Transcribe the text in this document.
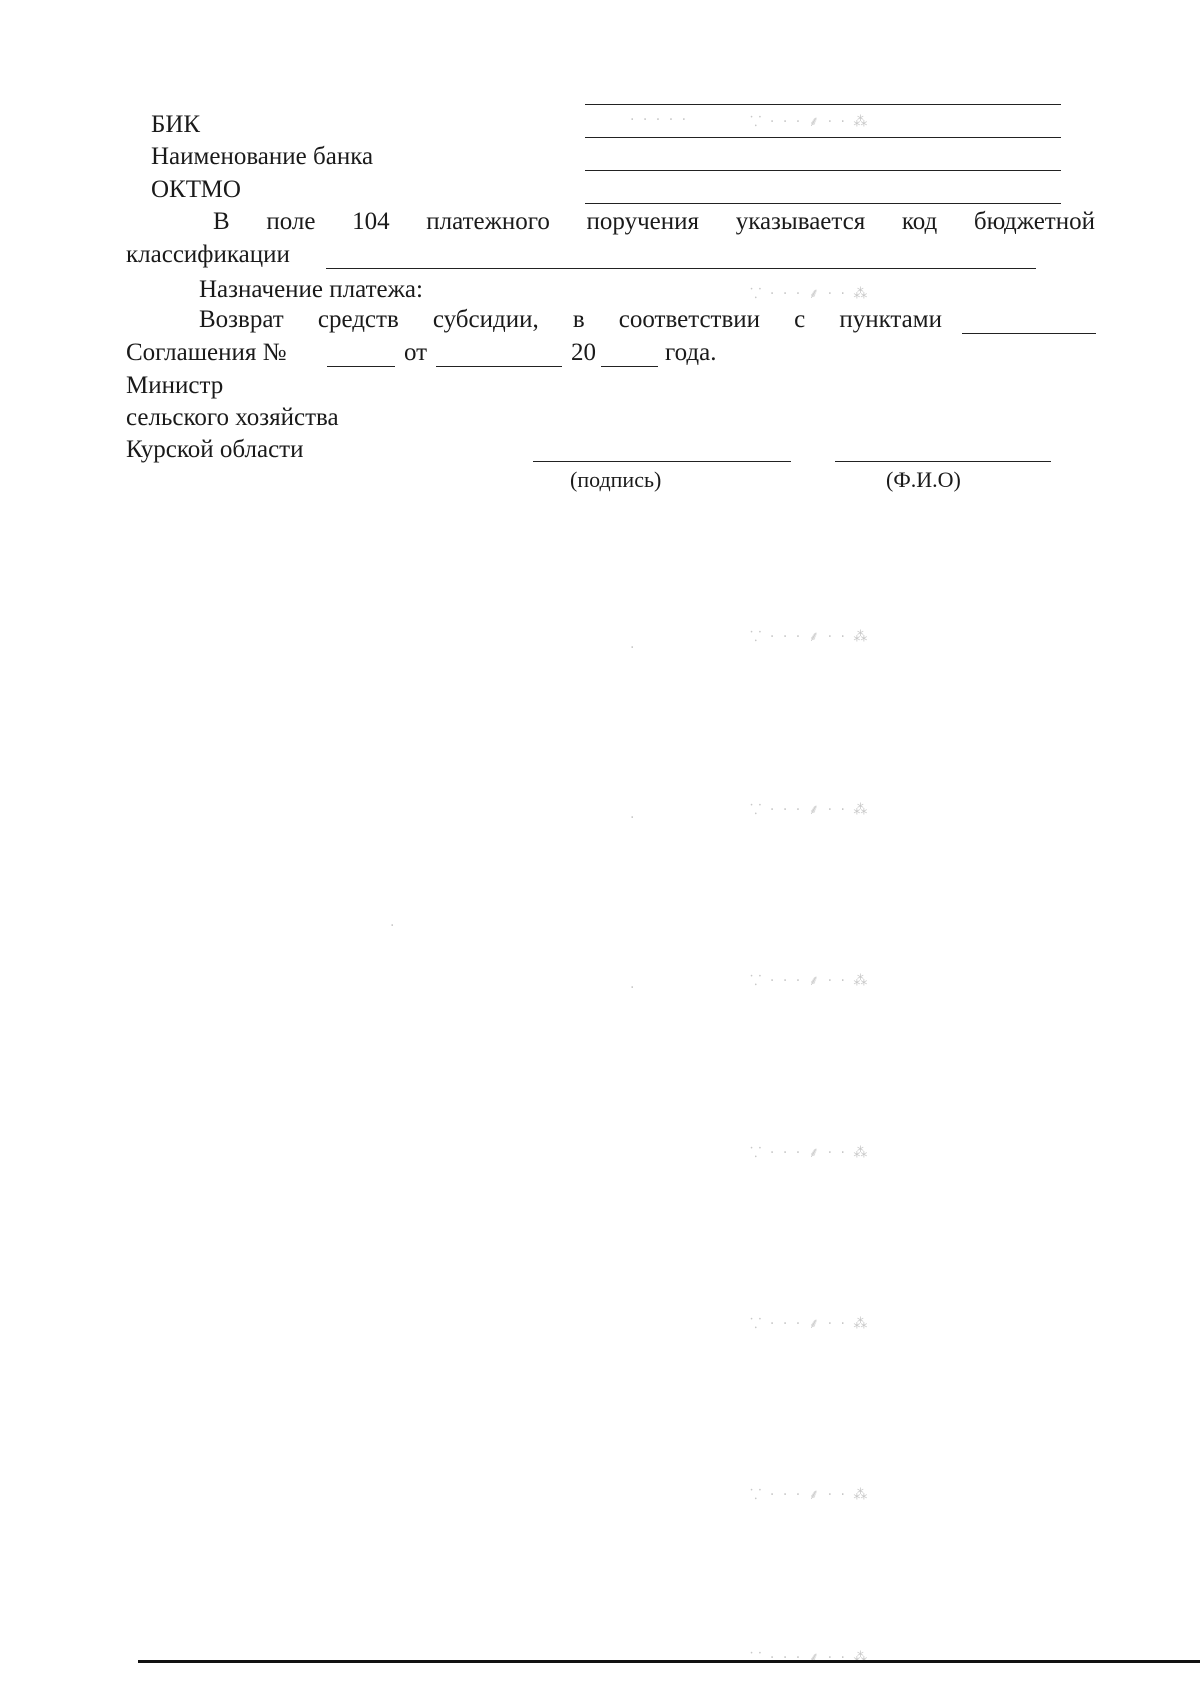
БИК
Наименование банка
ОКТМО
В поле 104 платежного поручения указывается код бюджетной
классификации
Назначение платежа:
Возврат средств субсидии, в соответствии с пунктами
Соглашения №	от	20	года.
Министр
сельского хозяйства
Курской области
(подпись)	(Ф.И.О)
· · · · ·	⸪ · · · ⸙ · · ⁂
⸪ · · · ⸙ · · ⁂
⸪ · · · ⸙ · · ⁂
⸪ · · · ⸙ · · ⁂
⸪ · · · ⸙ · · ⁂
⸪ · · · ⸙ · · ⁂
⸪ · · · ⸙ · · ⁂
⸪ · · · ⸙ · · ⁂
⸪ · · · ⸙ · · ⁂
·
·
·
·
